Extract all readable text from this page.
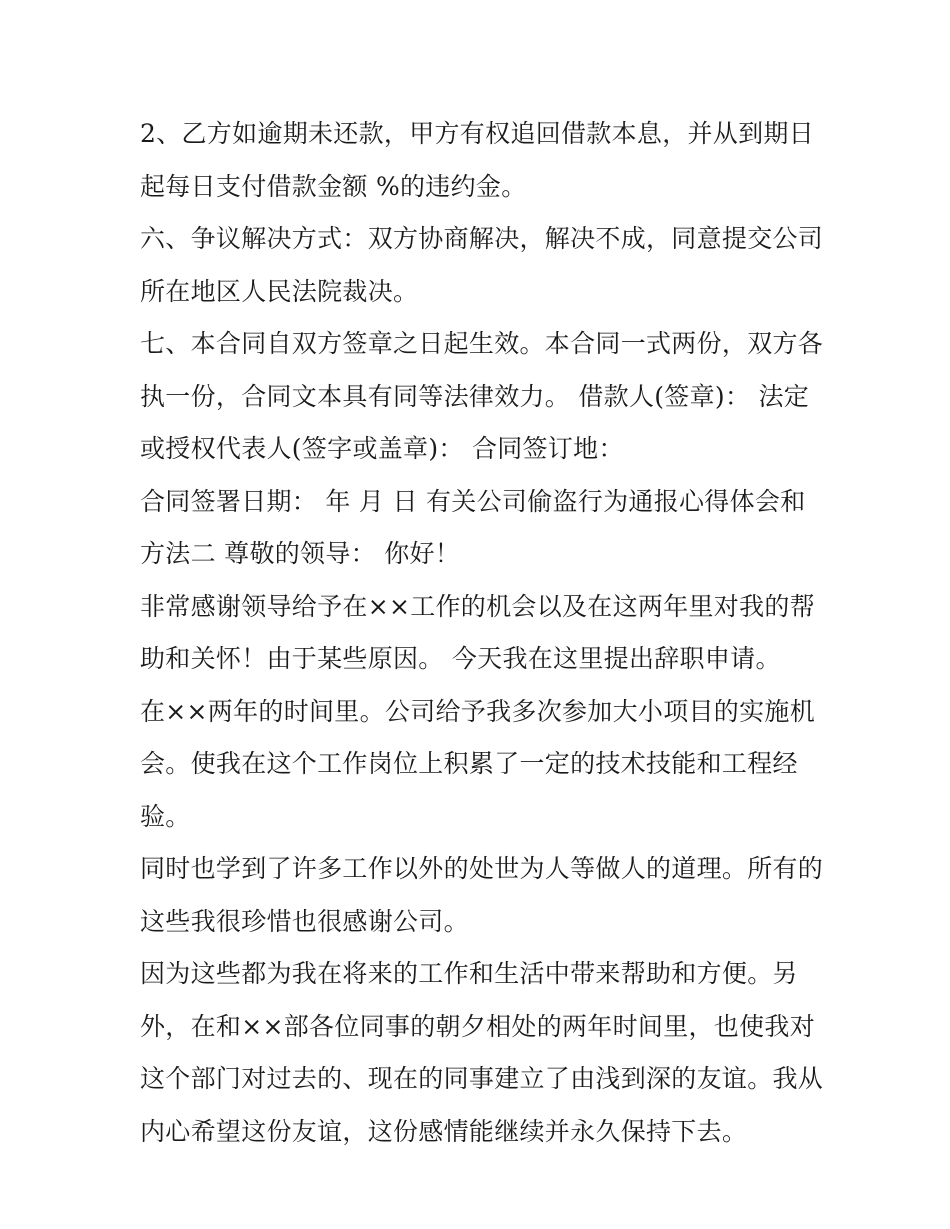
2、乙方如逾期未还款，甲方有权追回借款本息，并从到期日
起每日支付借款金额 %的违约金。
六、争议解决方式：双方协商解决，解决不成，同意提交公司
所在地区人民法院裁决。
七、本合同自双方签章之日起生效。本合同一式两份，双方各
执一份，合同文本具有同等法律效力。 借款人(签章)： 法定
或授权代表人(签字或盖章)： 合同签订地：
合同签署日期： 年 月 日 有关公司偷盗行为通报心得体会和
方法二 尊敬的领导： 你好！
非常感谢领导给予在××工作的机会以及在这两年里对我的帮
助和关怀！由于某些原因。 今天我在这里提出辞职申请。
在××两年的时间里。公司给予我多次参加大小项目的实施机
会。使我在这个工作岗位上积累了一定的技术技能和工程经
验。
同时也学到了许多工作以外的处世为人等做人的道理。所有的
这些我很珍惜也很感谢公司。
因为这些都为我在将来的工作和生活中带来帮助和方便。另
外，在和××部各位同事的朝夕相处的两年时间里，也使我对
这个部门对过去的、现在的同事建立了由浅到深的友谊。我从
内心希望这份友谊，这份感情能继续并永久保持下去。
